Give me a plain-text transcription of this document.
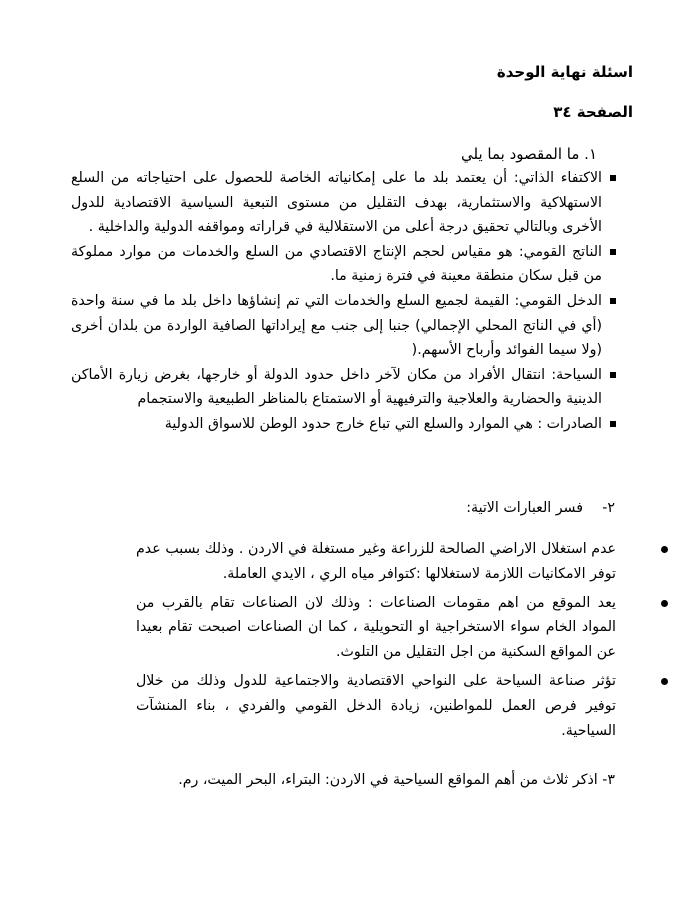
اسئلة نهاية الوحدة
الصفحة ٣٤
١. ما المقصود بما يلي
الاكتفاء الذاتي: أن يعتمد بلد ما على إمكانياته الخاصة للحصول على احتياجاته من السلع الاستهلاكية والاستثمارية، بهدف التقليل من مستوى التبعية السياسية الاقتصادية للدول الأخرى وبالتالي تحقيق درجة أعلى من الاستقلالية في قراراته ومواقفه الدولية والداخلية .
الناتج القومي: هو مقياس لحجم الإنتاج الاقتصادي من السلع والخدمات من موارد مملوكة من قبل سكان منطقة معينة في فترة زمنية ما.
الدخل القومي: القيمة لجميع السلع والخدمات التي تم إنشاؤها داخل بلد ما في سنة واحدة (أي في الناتج المحلي الإجمالي) جنبا إلى جنب مع إيراداتها الصافية الواردة من بلدان أخرى (ولا سيما الفوائد وأرباح الأسهم.(
السياحة: انتقال الأفراد من مكان لآخر داخل حدود الدولة أو خارجها، بغرض زيارة الأماكن الدينية والحضارية والعلاجية والترفيهية أو الاستمتاع بالمناظر الطبيعية والاستجمام
الصادرات : هي الموارد والسلع التي تباع خارج حدود الوطن للاسواق الدولية
٢-فسر العبارات الاتية:
عدم استغلال الاراضي الصالحة للزراعة وغير مستغلة في الاردن . وذلك بسبب عدم توفر الامكانيات اللازمة لاستغلالها :كتوافر مياه الري ، الايدي العاملة.
يعد الموقع من اهم مقومات الصناعات : وذلك لان الصناعات تقام بالقرب من المواد الخام سواء الاستخراجية او التحويلية ، كما ان الصناعات اصبحت تقام بعيدا عن المواقع السكنية من اجل التقليل من التلوث.
تؤثر صناعة السياحة على النواحي الاقتصادية والاجتماعية للدول وذلك من خلال توفير فرص العمل للمواطنين، زيادة الدخل القومي والفردي ، بناء المنشآت السياحية.
٣- اذكر ثلاث من أهم المواقع السياحية في الاردن: البتراء، البحر الميت، رم.
